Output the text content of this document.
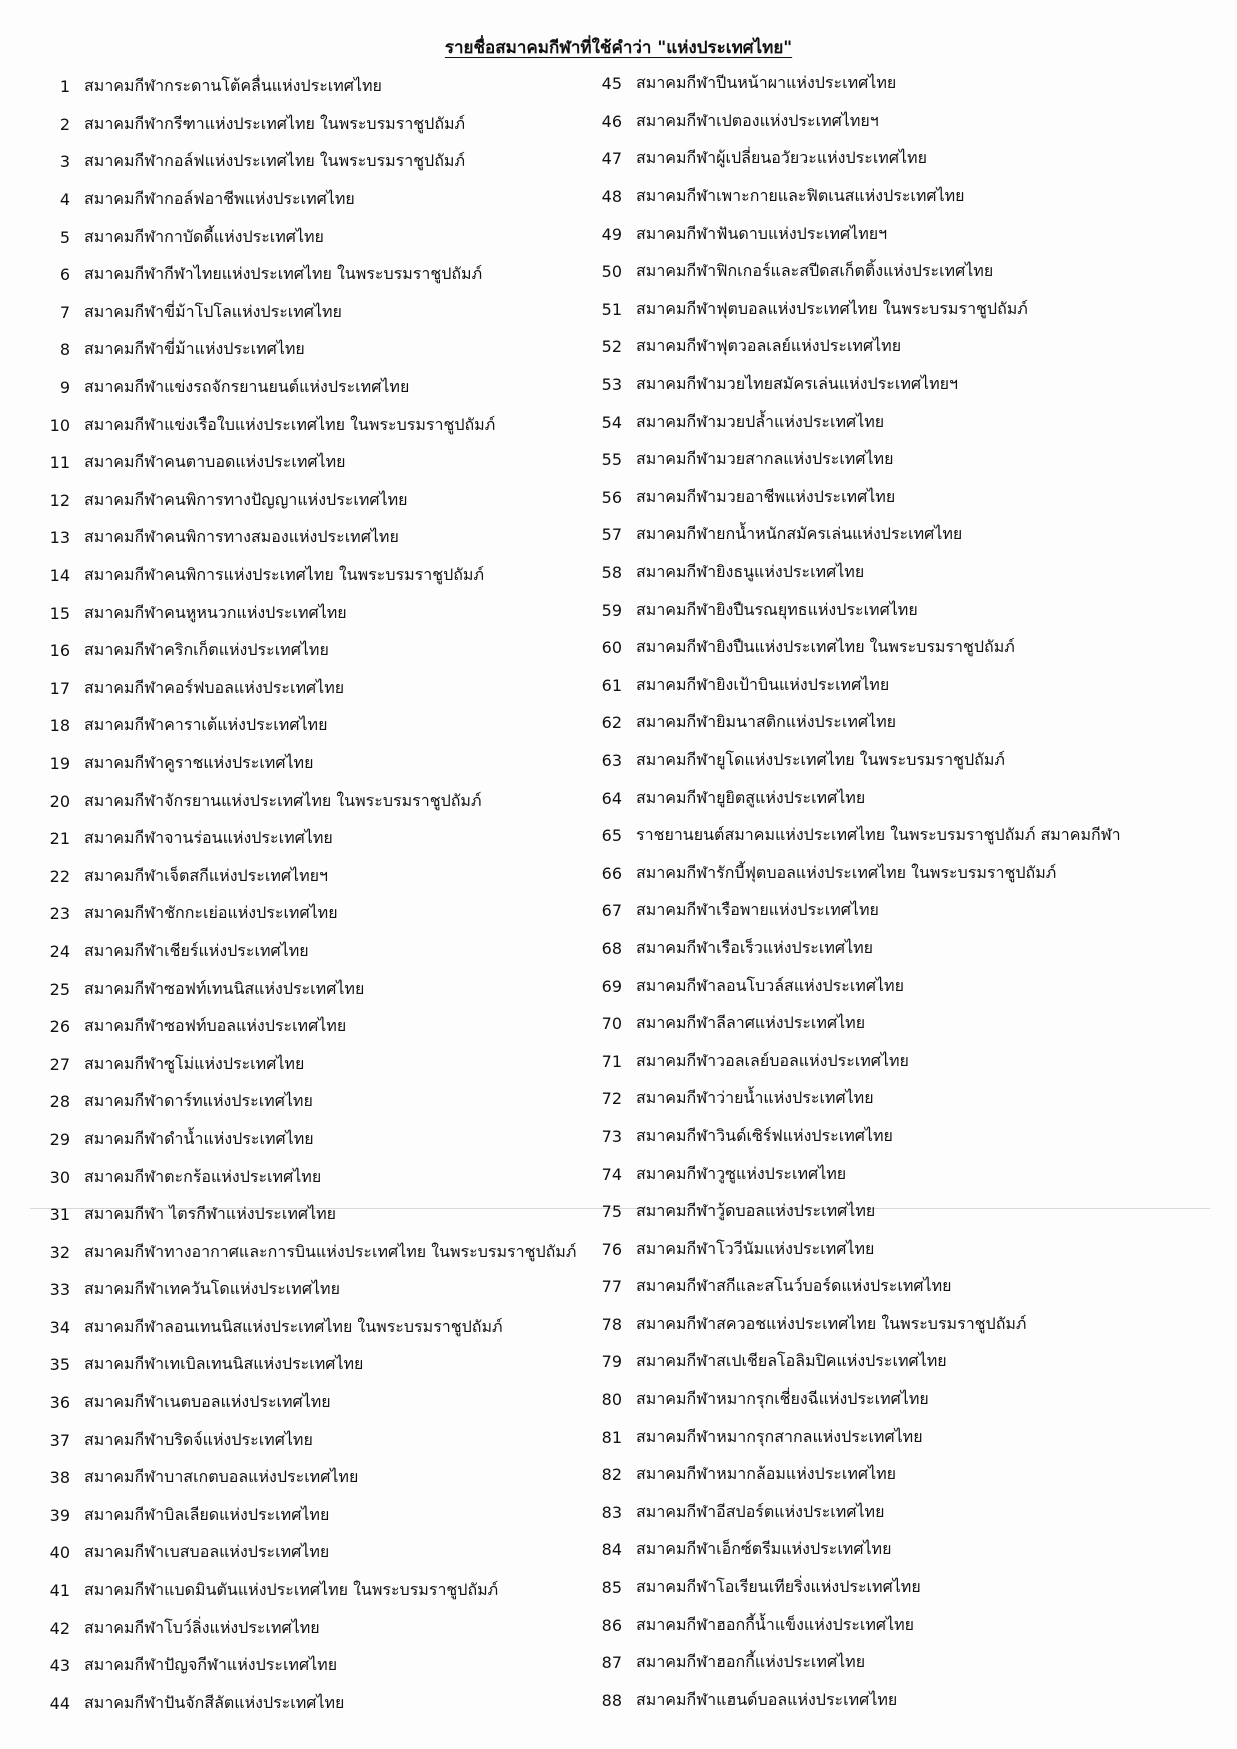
รายชื่อสมาคมกีฬาที่ใช้คำว่า "แห่งประเทศไทย"
1 สมาคมกีฬากระดานโต้คลื่นแห่งประเทศไทย
2 สมาคมกีฬากรีฑาแห่งประเทศไทย ในพระบรมราชูปถัมภ์
3 สมาคมกีฬากอล์ฟแห่งประเทศไทย ในพระบรมราชูปถัมภ์
4 สมาคมกีฬากอล์ฟอาชีพแห่งประเทศไทย
5 สมาคมกีฬากาบัดดี้แห่งประเทศไทย
6 สมาคมกีฬากีฬาไทยแห่งประเทศไทย ในพระบรมราชูปถัมภ์
7 สมาคมกีฬาขี่ม้าโปโลแห่งประเทศไทย
8 สมาคมกีฬาขี่ม้าแห่งประเทศไทย
9 สมาคมกีฬาแข่งรถจักรยานยนต์แห่งประเทศไทย
10 สมาคมกีฬาแข่งเรือใบแห่งประเทศไทย ในพระบรมราชูปถัมภ์
11 สมาคมกีฬาคนตาบอดแห่งประเทศไทย
12 สมาคมกีฬาคนพิการทางปัญญาแห่งประเทศไทย
13 สมาคมกีฬาคนพิการทางสมองแห่งประเทศไทย
14 สมาคมกีฬาคนพิการแห่งประเทศไทย ในพระบรมราชูปถัมภ์
15 สมาคมกีฬาคนหูหนวกแห่งประเทศไทย
16 สมาคมกีฬาคริกเก็ตแห่งประเทศไทย
17 สมาคมกีฬาคอร์ฟบอลแห่งประเทศไทย
18 สมาคมกีฬาคาราเต้แห่งประเทศไทย
19 สมาคมกีฬาคูราชแห่งประเทศไทย
20 สมาคมกีฬาจักรยานแห่งประเทศไทย ในพระบรมราชูปถัมภ์
21 สมาคมกีฬาจานร่อนแห่งประเทศไทย
22 สมาคมกีฬาเจ็ตสกีแห่งประเทศไทยฯ
23 สมาคมกีฬาชักกะเย่อแห่งประเทศไทย
24 สมาคมกีฬาเชียร์แห่งประเทศไทย
25 สมาคมกีฬาซอฟท์เทนนิสแห่งประเทศไทย
26 สมาคมกีฬาซอฟท์บอลแห่งประเทศไทย
27 สมาคมกีฬาซูโม่แห่งประเทศไทย
28 สมาคมกีฬาดาร์ทแห่งประเทศไทย
29 สมาคมกีฬาดำน้ำแห่งประเทศไทย
30 สมาคมกีฬาตะกร้อแห่งประเทศไทย
31 สมาคมกีฬา ไตรกีฬาแห่งประเทศไทย
32 สมาคมกีฬาทางอากาศและการบินแห่งประเทศไทย ในพระบรมราชูปถัมภ์
33 สมาคมกีฬาเทควันโดแห่งประเทศไทย
34 สมาคมกีฬาลอนเทนนิสแห่งประเทศไทย ในพระบรมราชูปถัมภ์
35 สมาคมกีฬาเทเบิลเทนนิสแห่งประเทศไทย
36 สมาคมกีฬาเนตบอลแห่งประเทศไทย
37 สมาคมกีฬาบริดจ์แห่งประเทศไทย
38 สมาคมกีฬาบาสเกตบอลแห่งประเทศไทย
39 สมาคมกีฬาบิลเลียดแห่งประเทศไทย
40 สมาคมกีฬาเบสบอลแห่งประเทศไทย
41 สมาคมกีฬาแบดมินตันแห่งประเทศไทย ในพระบรมราชูปถัมภ์
42 สมาคมกีฬาโบว์ลิ่งแห่งประเทศไทย
43 สมาคมกีฬาปัญจกีฬาแห่งประเทศไทย
44 สมาคมกีฬาปันจักสีลัตแห่งประเทศไทย
45 สมาคมกีฬาปีนหน้าผาแห่งประเทศไทย
46 สมาคมกีฬาเปตองแห่งประเทศไทยฯ
47 สมาคมกีฬาผู้เปลี่ยนอวัยวะแห่งประเทศไทย
48 สมาคมกีฬาเพาะกายและฟิตเนสแห่งประเทศไทย
49 สมาคมกีฬาฟันดาบแห่งประเทศไทยฯ
50 สมาคมกีฬาฟิกเกอร์และสปีดสเก็ตติ้งแห่งประเทศไทย
51 สมาคมกีฬาฟุตบอลแห่งประเทศไทย ในพระบรมราชูปถัมภ์
52 สมาคมกีฬาฟุตวอลเลย์แห่งประเทศไทย
53 สมาคมกีฬามวยไทยสมัครเล่นแห่งประเทศไทยฯ
54 สมาคมกีฬามวยปล้ำแห่งประเทศไทย
55 สมาคมกีฬามวยสากลแห่งประเทศไทย
56 สมาคมกีฬามวยอาชีพแห่งประเทศไทย
57 สมาคมกีฬายกน้ำหนักสมัครเล่นแห่งประเทศไทย
58 สมาคมกีฬายิงธนูแห่งประเทศไทย
59 สมาคมกีฬายิงปืนรณยุทธแห่งประเทศไทย
60 สมาคมกีฬายิงปืนแห่งประเทศไทย ในพระบรมราชูปถัมภ์
61 สมาคมกีฬายิงเป้าบินแห่งประเทศไทย
62 สมาคมกีฬายิมนาสติกแห่งประเทศไทย
63 สมาคมกีฬายูโดแห่งประเทศไทย ในพระบรมราชูปถัมภ์
64 สมาคมกีฬายูยิตสูแห่งประเทศไทย
65 ราชยานยนต์สมาคมแห่งประเทศไทย ในพระบรมราชูปถัมภ์ สมาคมกีฬา
66 สมาคมกีฬารักบี้ฟุตบอลแห่งประเทศไทย ในพระบรมราชูปถัมภ์
67 สมาคมกีฬาเรือพายแห่งประเทศไทย
68 สมาคมกีฬาเรือเร็วแห่งประเทศไทย
69 สมาคมกีฬาลอนโบวล์สแห่งประเทศไทย
70 สมาคมกีฬาลีลาศแห่งประเทศไทย
71 สมาคมกีฬาวอลเลย์บอลแห่งประเทศไทย
72 สมาคมกีฬาว่ายน้ำแห่งประเทศไทย
73 สมาคมกีฬาวินด์เซิร์ฟแห่งประเทศไทย
74 สมาคมกีฬาวูซูแห่งประเทศไทย
75 สมาคมกีฬาวู้ดบอลแห่งประเทศไทย
76 สมาคมกีฬาโววีนัมแห่งประเทศไทย
77 สมาคมกีฬาสกีและสโนว์บอร์ดแห่งประเทศไทย
78 สมาคมกีฬาสควอชแห่งประเทศไทย ในพระบรมราชูปถัมภ์
79 สมาคมกีฬาสเปเชียลโอลิมปิคแห่งประเทศไทย
80 สมาคมกีฬาหมากรุกเชี่ยงฉีแห่งประเทศไทย
81 สมาคมกีฬาหมากรุกสากลแห่งประเทศไทย
82 สมาคมกีฬาหมากล้อมแห่งประเทศไทย
83 สมาคมกีฬาอีสปอร์ตแห่งประเทศไทย
84 สมาคมกีฬาเอ็กซ์ตรีมแห่งประเทศไทย
85 สมาคมกีฬาโอเรียนเทียริ่งแห่งประเทศไทย
86 สมาคมกีฬาฮอกกี้น้ำแข็งแห่งประเทศไทย
87 สมาคมกีฬาฮอกกี้แห่งประเทศไทย
88 สมาคมกีฬาแฮนด์บอลแห่งประเทศไทย
